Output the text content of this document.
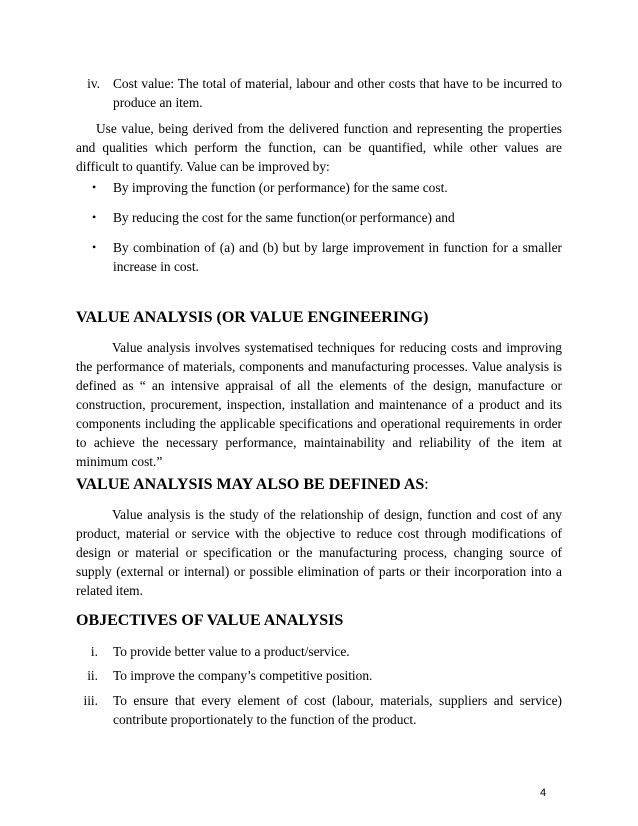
iv. Cost value: The total of material, labour and other costs that have to be incurred to produce an item.

Use value, being derived from the delivered function and representing the properties and qualities which perform the function, can be quantified, while other values are difficult to quantify. Value can be improved by:

•	By improving the function (or performance) for the same cost.
•	By reducing the cost for the same function(or performance) and
•	By combination of (a) and (b) but by large improvement in function for a smaller increase in cost.
VALUE ANALYSIS (OR VALUE ENGINEERING)

Value analysis involves systematised techniques for reducing costs and improving the performance of materials, components and manufacturing processes. Value analysis is defined as “ an intensive appraisal of all the elements of the design, manufacture or construction, procurement, inspection, installation and maintenance of a product and its components including the applicable specifications and operational requirements in order to achieve the necessary performance, maintainability and reliability of the item at minimum cost.”

VALUE ANALYSIS MAY ALSO BE DEFINED AS:

Value analysis is the study of the relationship of design, function and cost of any product, material or service with the objective to reduce cost through modifications of design or material or specification or the manufacturing process, changing source of supply (external or internal) or possible elimination of parts or their incorporation into a related item.

OBJECTIVES OF VALUE ANALYSIS
i. To provide better value to a product/service.
ii. To improve the company’s competitive position.
iii. To ensure that every element of cost (labour, materials, suppliers and service) contribute proportionately to the function of the product.
4
